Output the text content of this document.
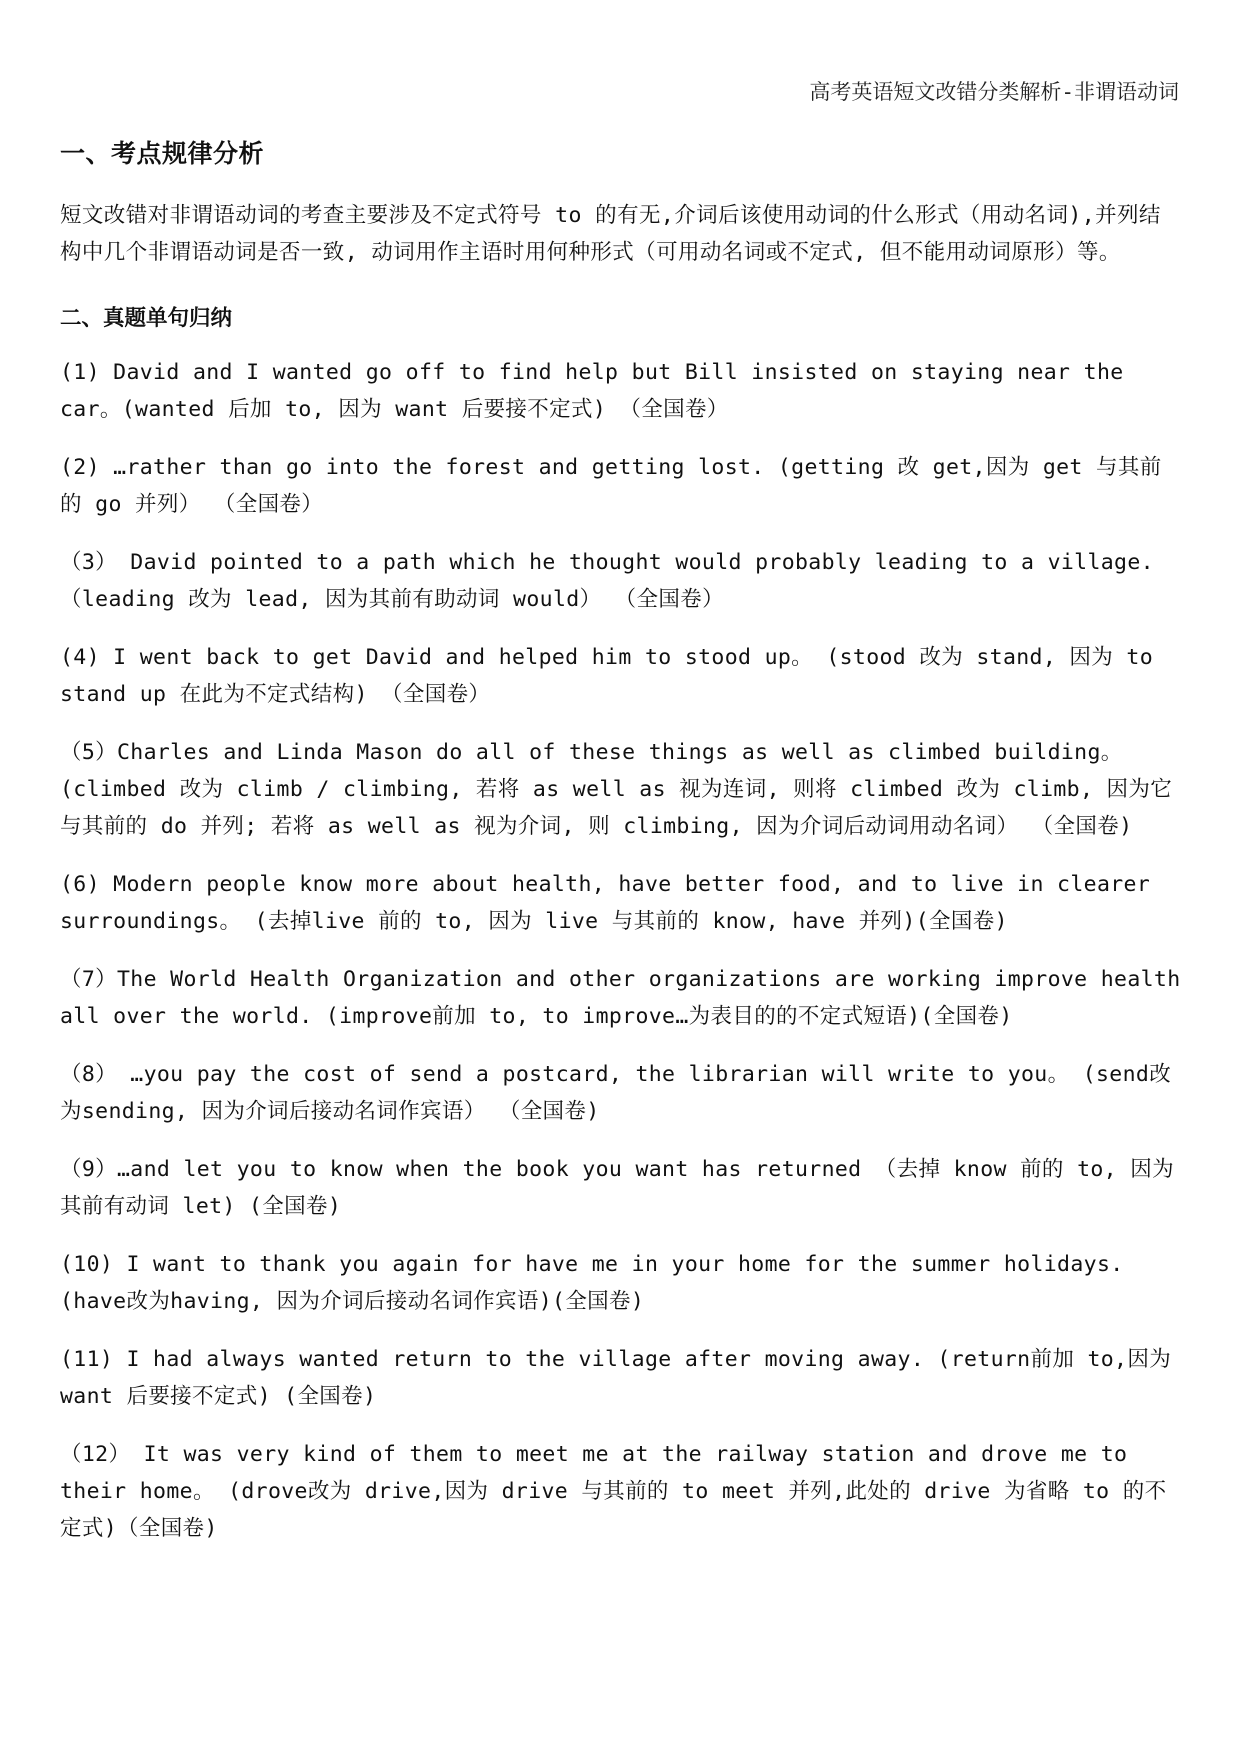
高考英语短文改错分类解析-非谓语动词
一、考点规律分析

短文改错对非谓语动词的考查主要涉及不定式符号 to 的有无,介词后该使用动词的什么形式（用动名词),并列结构中几个非谓语动词是否一致, 动词用作主语时用何种形式（可用动名词或不定式, 但不能用动词原形）等。

二、真题单句归纳
(1) David and I wanted go off to find help but Bill insisted on staying near the car。(wanted 后加 to, 因为 want 后要接不定式) （全国卷）
(2) …rather than go into the forest and getting lost. (getting 改 get,因为 get 与其前的 go 并列） （全国卷）
（3） David pointed to a path which he thought would probably leading to a village.（leading 改为 lead, 因为其前有助动词 would） （全国卷）
(4) I went back to get David and helped him to stood up。 (stood 改为 stand, 因为 to stand up 在此为不定式结构) （全国卷）
（5）Charles and Linda Mason do all of these things as well as climbed building。(climbed 改为 climb / climbing, 若将 as well as 视为连词, 则将 climbed 改为 climb, 因为它与其前的 do 并列; 若将 as well as 视为介词, 则 climbing, 因为介词后动词用动名词） （全国卷)
(6) Modern people know more about health, have better food, and to live in clearer surroundings。 (去掉live 前的 to, 因为 live 与其前的 know, have 并列)(全国卷)
（7）The World Health Organization and other organizations are working improve health all over the world. (improve前加 to, to improve…为表目的的不定式短语)(全国卷)
（8） …you pay the cost of send a postcard, the librarian will write to you。 (send改为sending, 因为介词后接动名词作宾语） （全国卷)
（9）…and let you to know when the book you want has returned （去掉 know 前的 to, 因为其前有动词 let) (全国卷)
(10) I want to thank you again for have me in your home for the summer holidays. (have改为having, 因为介词后接动名词作宾语)(全国卷)
(11) I had always wanted return to the village after moving away. (return前加 to,因为 want 后要接不定式) (全国卷)
（12） It was very kind of them to meet me at the railway station and drove me to their home。 (drove改为 drive,因为 drive 与其前的 to meet 并列,此处的 drive 为省略 to 的不定式)（全国卷)
